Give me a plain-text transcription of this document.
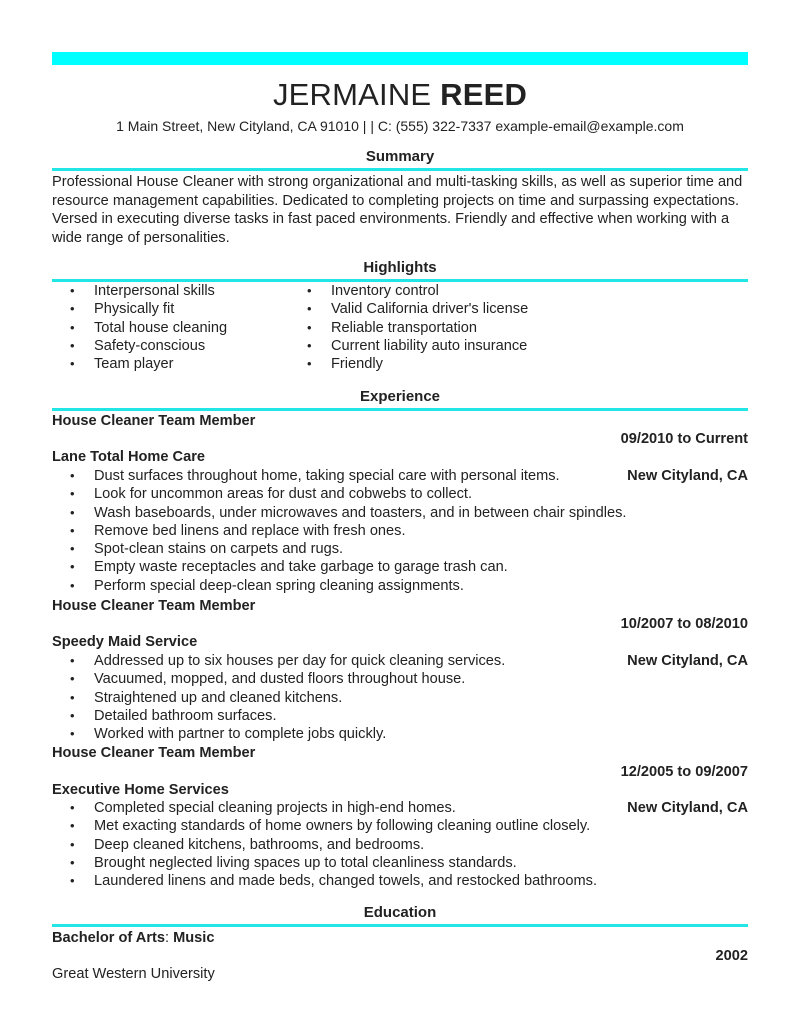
JERMAINE REED
1 Main Street, New Cityland, CA 91010 | | C: (555) 322-7337 example-email@example.com
Summary
Professional House Cleaner with strong organizational and multi-tasking skills, as well as superior time and resource management capabilities. Dedicated to completing projects on time and surpassing expectations. Versed in executing diverse tasks in fast paced environments. Friendly and effective when working with a wide range of personalities.
Highlights
• Interpersonal skills
• Physically fit
• Total house cleaning
• Safety-conscious
• Team player
• Inventory control
• Valid California driver's license
• Reliable transportation
• Current liability auto insurance
• Friendly
Experience
House Cleaner Team Member
09/2010 to Current
Lane Total Home Care
New Cityland, CA
• Dust surfaces throughout home, taking special care with personal items.
• Look for uncommon areas for dust and cobwebs to collect.
• Wash baseboards, under microwaves and toasters, and in between chair spindles.
• Remove bed linens and replace with fresh ones.
• Spot-clean stains on carpets and rugs.
• Empty waste receptacles and take garbage to garage trash can.
• Perform special deep-clean spring cleaning assignments.
House Cleaner Team Member
10/2007 to 08/2010
Speedy Maid Service
New Cityland, CA
• Addressed up to six houses per day for quick cleaning services.
• Vacuumed, mopped, and dusted floors throughout house.
• Straightened up and cleaned kitchens.
• Detailed bathroom surfaces.
• Worked with partner to complete jobs quickly.
House Cleaner Team Member
12/2005 to 09/2007
Executive Home Services
New Cityland, CA
• Completed special cleaning projects in high-end homes.
• Met exacting standards of home owners by following cleaning outline closely.
• Deep cleaned kitchens, bathrooms, and bedrooms.
• Brought neglected living spaces up to total cleanliness standards.
• Laundered linens and made beds, changed towels, and restocked bathrooms.
Education
Bachelor of Arts: Music
2002
Great Western University
